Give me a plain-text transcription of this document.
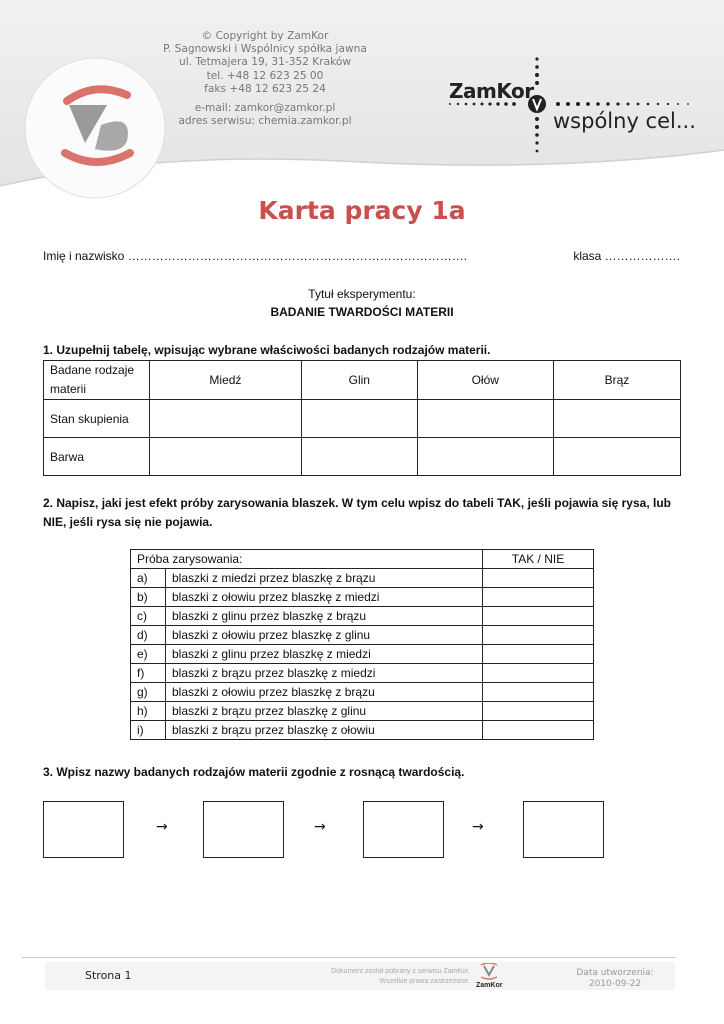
© Copyright by ZamKor
P. Sagnowski i Wspólnicy spółka jawna
ul. Tetmajera 19, 31-352 Kraków
tel. +48 12 623 25 00
faks +48 12 623 25 24
e-mail: zamkor@zamkor.pl
adres serwisu: chemia.zamkor.pl
ZamKor
wspólny cel...
Karta pracy 1a
Imię i nazwisko ………………………………………………………………………….	klasa ……………….
Tytuł eksperymentu:
BADANIE TWARDOŚCI MATERII
1. Uzupełnij tabelę, wpisując wybrane właściwości badanych rodzajów materii.
Badane rodzaje materii	Miedź	Glin	Ołów	Brąz
Stan skupienia				
Barwa				
2. Napisz, jaki jest efekt próby zarysowania blaszek. W tym celu wpisz do tabeli TAK, jeśli pojawia się rysa, lub NIE, jeśli rysa się nie pojawia.
Próba zarysowania:		TAK / NIE
a)	blaszki z miedzi przez blaszkę z brązu	
b)	blaszki z ołowiu przez blaszkę z miedzi	
c)	blaszki z glinu przez blaszkę z brązu	
d)	blaszki z ołowiu przez blaszkę z glinu	
e)	blaszki z glinu przez blaszkę z miedzi	
f)	blaszki z brązu przez blaszkę z miedzi	
g)	blaszki z ołowiu przez blaszkę z brązu	
h)	blaszki z brązu przez blaszkę z glinu	
i)	blaszki z brązu przez blaszkę z ołowiu	
3. Wpisz nazwy badanych rodzajów materii zgodnie z rosnącą twardością.
→	→	→
Strona 1	Dokument został pobrany z serwisu ZamKor.
Wszelkie prawa zastrzeżone.
ZamKor
Data utworzenia:
2010-09-22
